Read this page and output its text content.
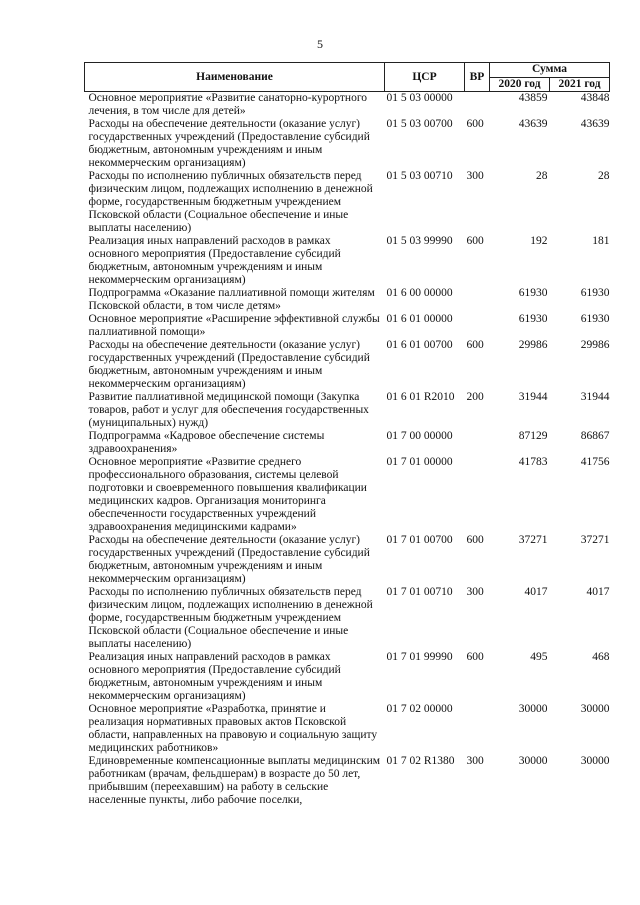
5
Наименование	ЦСР	ВР	Сумма	
			2020 год	2021 год
Основное мероприятие «Развитие санаторно-курортного лечения, в том числе для детей»	01 5 03 00000		43859	43848
Расходы на обеспечение деятельности (оказание услуг) государственных учреждений (Предоставление субсидий бюджетным, автономным учреждениям и иным некоммерческим организациям)	01 5 03 00700	600	43639	43639
Расходы по исполнению публичных обязательств перед физическим лицом, подлежащих исполнению в денежной форме, государственным бюджетным учреждением Псковской области (Социальное обеспечение и иные выплаты населению)	01 5 03 00710	300	28	28
Реализация иных направлений расходов в рамках основного мероприятия (Предоставление субсидий бюджетным, автономным учреждениям и иным некоммерческим организациям)	01 5 03 99990	600	192	181
Подпрограмма «Оказание паллиативной помощи жителям Псковской области, в том числе детям»	01 6 00 00000		61930	61930
Основное мероприятие «Расширение эффективной службы паллиативной помощи»	01 6 01 00000		61930	61930
Расходы на обеспечение деятельности (оказание услуг) государственных учреждений (Предоставление субсидий бюджетным, автономным учреждениям и иным некоммерческим организациям)	01 6 01 00700	600	29986	29986
Развитие паллиативной медицинской помощи (Закупка товаров, работ и услуг для обеспечения государственных (муниципальных) нужд)	01 6 01 R2010	200	31944	31944
Подпрограмма «Кадровое обеспечение системы здравоохранения»	01 7 00 00000		87129	86867
Основное мероприятие «Развитие среднего профессионального образования, системы целевой подготовки и своевременного повышения квалификации медицинских кадров. Организация мониторинга обеспеченности государственных учреждений здравоохранения медицинскими кадрами»	01 7 01 00000		41783	41756
Расходы на обеспечение деятельности (оказание услуг) государственных учреждений (Предоставление субсидий бюджетным, автономным учреждениям и иным некоммерческим организациям)	01 7 01 00700	600	37271	37271
Расходы по исполнению публичных обязательств перед физическим лицом, подлежащих исполнению в денежной форме, государственным бюджетным учреждением Псковской области (Социальное обеспечение и иные выплаты населению)	01 7 01 00710	300	4017	4017
Реализация иных направлений расходов в рамках основного мероприятия (Предоставление субсидий бюджетным, автономным учреждениям и иным некоммерческим организациям)	01 7 01 99990	600	495	468
Основное мероприятие «Разработка, принятие и реализация нормативных правовых актов Псковской области, направленных на правовую и социальную защиту медицинских работников»	01 7 02 00000		30000	30000
Единовременные компенсационные выплаты медицинским работникам (врачам, фельдшерам) в возрасте до 50 лет, прибывшим (переехавшим) на работу в сельские населенные пункты, либо рабочие поселки,	01 7 02 R1380	300	30000	30000
